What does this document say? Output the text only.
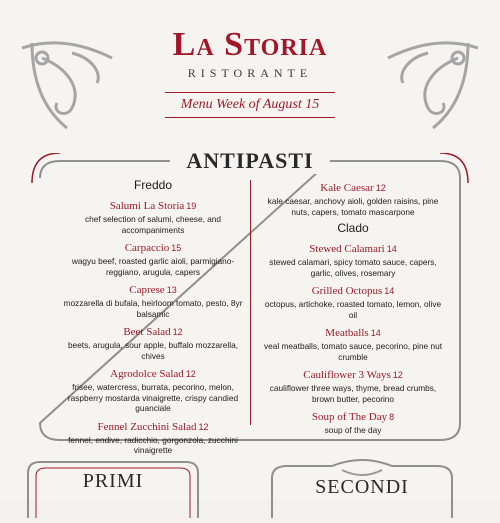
La Storia
RISTORANTE
Menu Week of August 15
ANTIPASTI
Freddo
Salumi La Storia 19
chef selection of salumi, cheese, and accompaniments
Carpaccio 15
wagyu beef, roasted garlic aioli, parmigiano-reggiano, arugula, capers
Caprese 13
mozzarella di bufala, heirloom tomato, pesto, 8yr balsamic
Beet Salad 12
beets, arugula, sour apple, buffalo mozzarella, chives
Agrodolce Salad 12
frisee, watercress, burrata, pecorino, melon, raspberry mostarda vinaigrette, crispy candied guanciale
Fennel Zucchini Salad 12
fennel, endive, radicchio, gorgonzola, zucchini vinaigrette
Kale Caesar 12
kale caesar, anchovy aioli, golden raisins, pine nuts, capers, tomato mascarpone
Clado
Stewed Calamari 14
stewed calamari, spicy tomato sauce, capers, garlic, olives, rosemary
Grilled Octopus 14
octopus, artichoke, roasted tomato, lemon, olive oil
Meatballs 14
veal meatballs, tomato sauce, pecorino, pine nut crumble
Cauliflower 3 Ways 12
cauliflower three ways, thyme, bread crumbs, brown butter, pecorino
Soup of The Day 8
soup of the day
PRIMI	SECONDI
